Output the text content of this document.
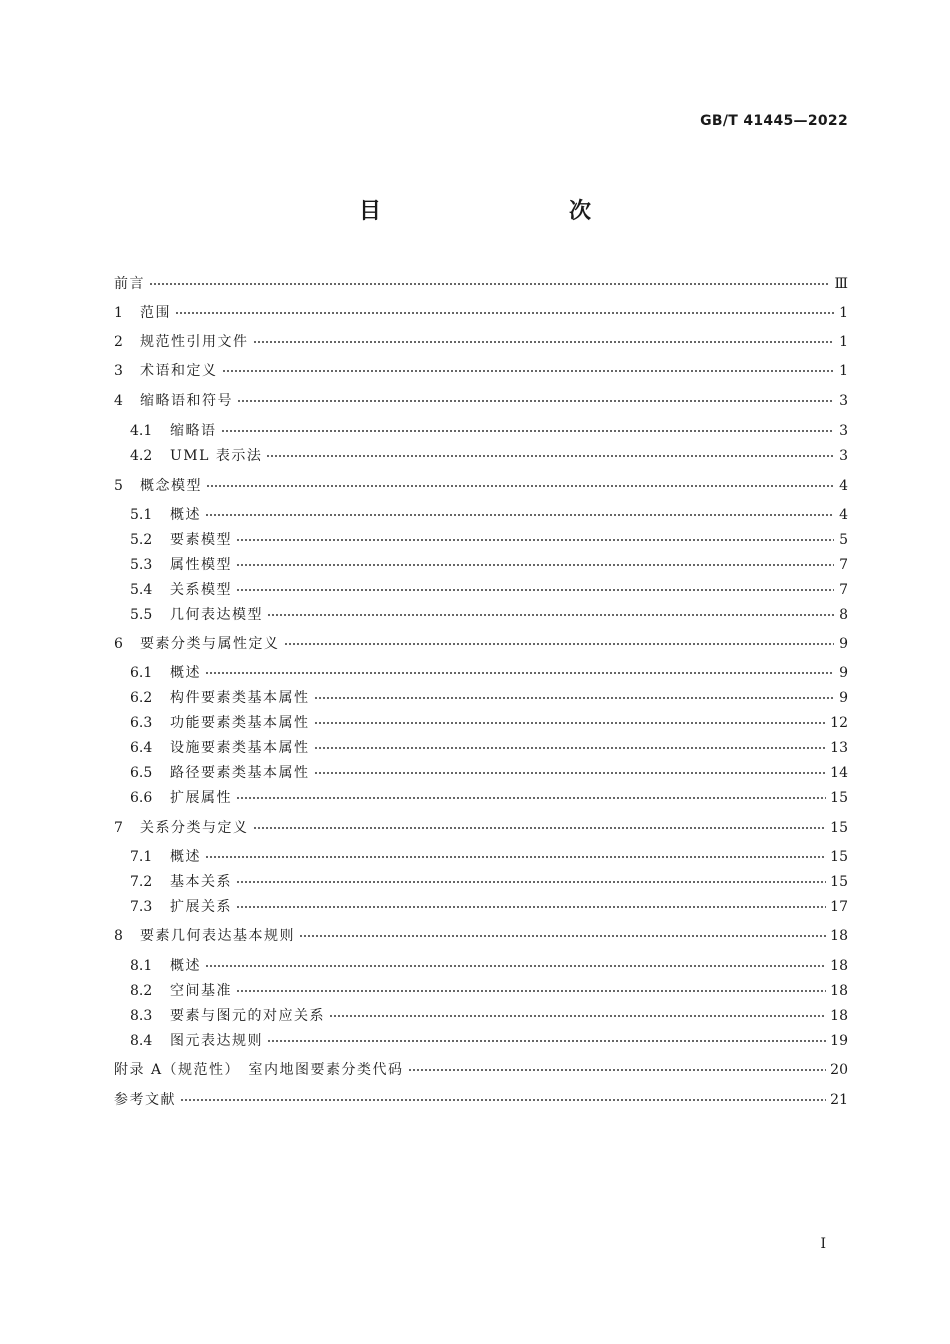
GB/T 41445—2022
目　　次
前言	Ⅲ
1	范围	1
2	规范性引用文件	1
3	术语和定义	1
4	缩略语和符号	3
4.1	缩略语	3
4.2	UML 表示法	3
5	概念模型	4
5.1	概述	4
5.2	要素模型	5
5.3	属性模型	7
5.4	关系模型	7
5.5	几何表达模型	8
6	要素分类与属性定义	9
6.1	概述	9
6.2	构件要素类基本属性	9
6.3	功能要素类基本属性	12
6.4	设施要素类基本属性	13
6.5	路径要素类基本属性	14
6.6	扩展属性	15
7	关系分类与定义	15
7.1	概述	15
7.2	基本关系	15
7.3	扩展关系	17
8	要素几何表达基本规则	18
8.1	概述	18
8.2	空间基准	18
8.3	要素与图元的对应关系	18
8.4	图元表达规则	19
附录 A（规范性）　室内地图要素分类代码	20
参考文献	21
Ⅰ
